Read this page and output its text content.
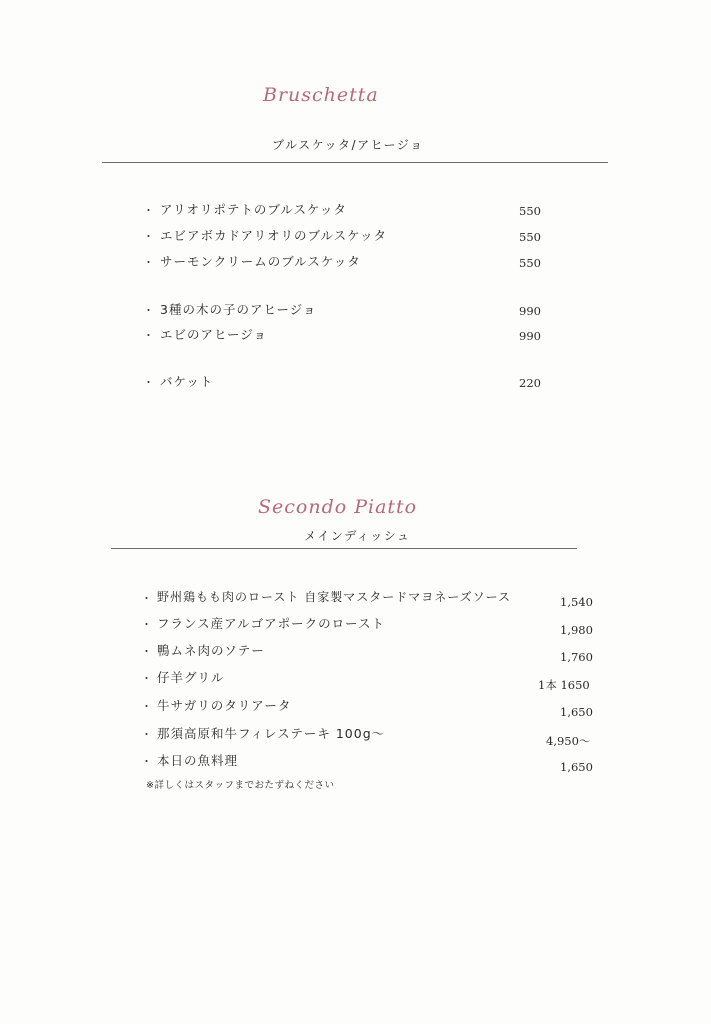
Bruschetta
ブルスケッタ/アヒージョ
・ アリオリポテトのブルスケッタ	550
・ エビアボカドアリオリのブルスケッタ	550
・ サーモンクリームのブルスケッタ	550
・ 3種の木の子のアヒージョ	990
・ エビのアヒージョ	990
・ バケット	220
Secondo Piatto
メインディッシュ
・ 野州鶏もも肉のロースト 自家製マスタードマヨネーズソース	1,540
・ フランス産アルゴアポークのロースト	1,980
・ 鴨ムネ肉のソテー	1,760
・ 仔羊グリル	1本 1650
・ 牛サガリのタリアータ	1,650
・ 那須高原和牛フィレステーキ 100g～	4,950～
・ 本日の魚料理	1,650
※詳しくはスタッフまでおたずねください
